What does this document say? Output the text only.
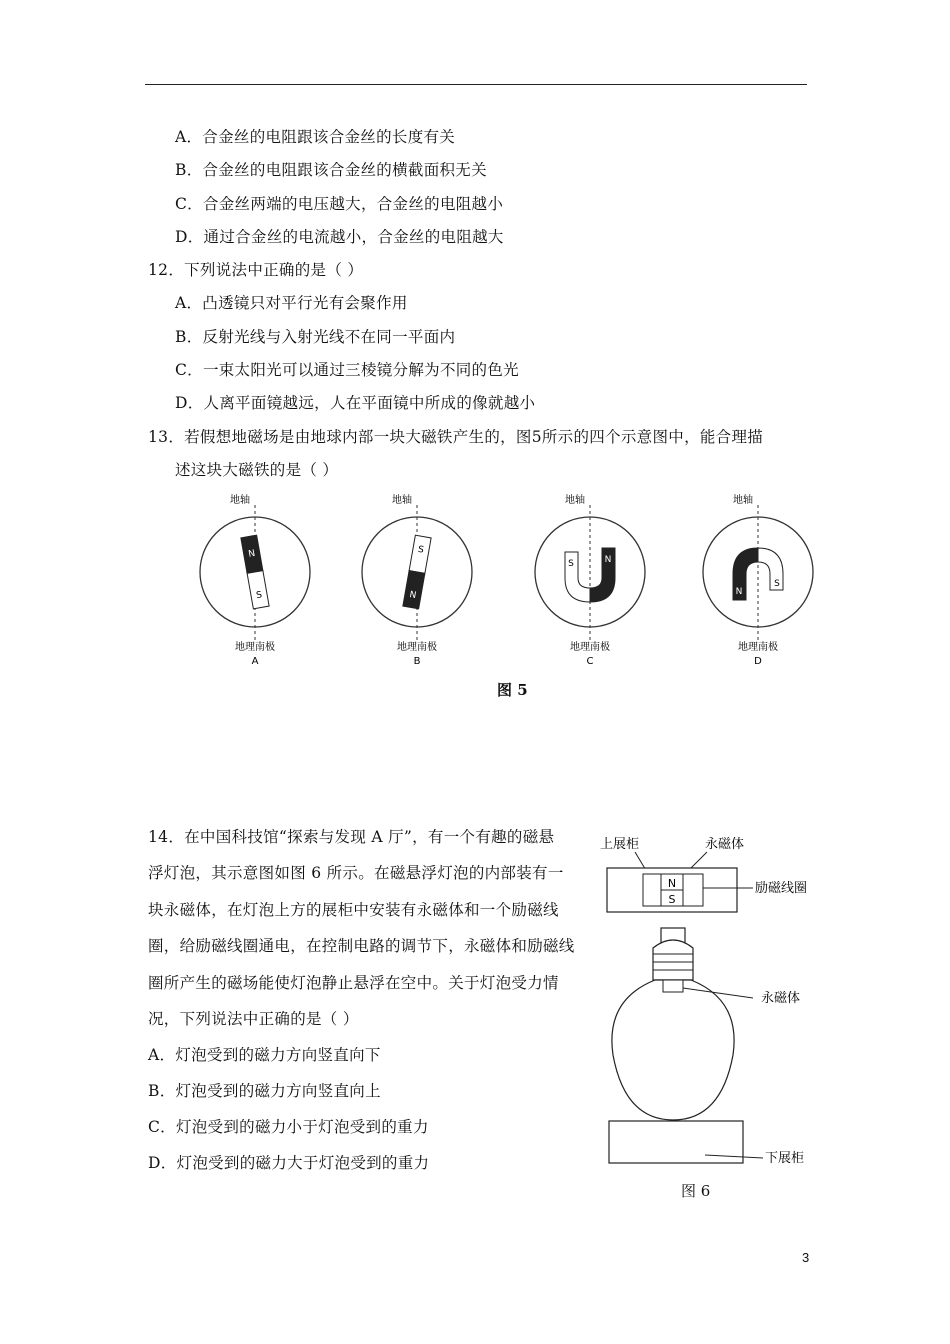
A．合金丝的电阻跟该合金丝的长度有关
B．合金丝的电阻跟该合金丝的横截面积无关
C．合金丝两端的电压越大，合金丝的电阻越小
D．通过合金丝的电流越小，合金丝的电阻越大
12．下列说法中正确的是（ ）
A．凸透镜只对平行光有会聚作用
B．反射光线与入射光线不在同一平面内
C．一束太阳光可以通过三棱镜分解为不同的色光
D．人离平面镜越远，人在平面镜中所成的像就越小
13．若假想地磁场是由地球内部一块大磁铁产生的，图5所示的四个示意图中，能合理描
述这块大磁铁的是（ ）
地轴
N
S
地理南极
A
地轴
S
N
地理南极
B
地轴
S	N
地理南极
C
地轴
N
S
地理南极
D
图 5
14．在中国科技馆“探索与发现 A 厅”，有一个有趣的磁悬
浮灯泡，其示意图如图 6 所示。在磁悬浮灯泡的内部装有一
块永磁体，在灯泡上方的展柜中安装有永磁体和一个励磁线
圈，给励磁线圈通电，在控制电路的调节下，永磁体和励磁线
圈所产生的磁场能使灯泡静止悬浮在空中。关于灯泡受力情
况，下列说法中正确的是（ ）
A．灯泡受到的磁力方向竖直向下
B．灯泡受到的磁力方向竖直向上
C．灯泡受到的磁力小于灯泡受到的重力
D．灯泡受到的磁力大于灯泡受到的重力
上展柜	永磁体
N
S
励磁线圈
永磁体
下展柜
图 6
3
